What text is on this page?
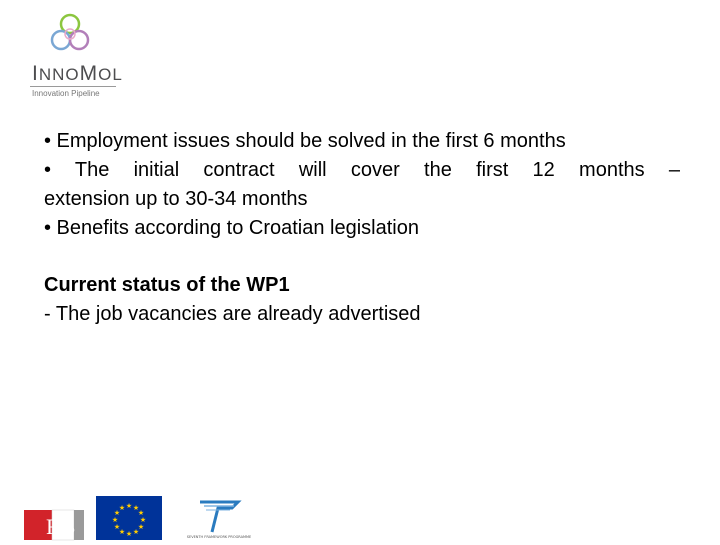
INNOMOL
Innovation Pipeline
• Employment issues should be solved in the first 6 months
• The initial contract will cover the first 12 months –
extension up to 30-34 months
• Benefits according to Croatian legislation
Current status of the WP1
- The job vacancies are already advertised
RB
★ ★
★
★
★
★
★
★
★
★
★
★
SEVENTH FRAMEWORK PROGRAMME
